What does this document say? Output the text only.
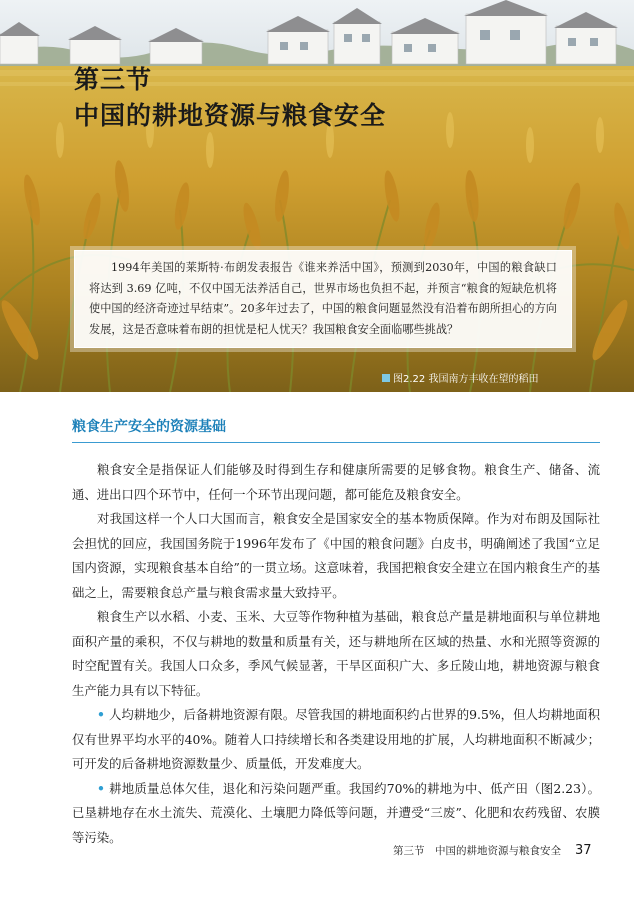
第三节
中国的耕地资源与粮食安全
1994年美国的莱斯特·布朗发表报告《谁来养活中国》，预测到2030年，中国的粮食缺口将达到 3.69 亿吨，不仅中国无法养活自己，世界市场也负担不起，并预言“粮食的短缺危机将使中国的经济奇迹过早结束”。20多年过去了，中国的粮食问题显然没有沿着布朗所担心的方向发展，这是否意味着布朗的担忧是杞人忧天？我国粮食安全面临哪些挑战？
图2.22 我国南方丰收在望的稻田
粮食生产安全的资源基础

粮食安全是指保证人们能够及时得到生存和健康所需要的足够食物。粮食生产、储备、流通、进出口四个环节中，任何一个环节出现问题，都可能危及粮食安全。

对我国这样一个人口大国而言，粮食安全是国家安全的基本物质保障。作为对布朗及国际社会担忧的回应，我国国务院于1996年发布了《中国的粮食问题》白皮书，明确阐述了我国“立足国内资源，实现粮食基本自给”的一贯立场。这意味着，我国把粮食安全建立在国内粮食生产的基础之上，需要粮食总产量与粮食需求量大致持平。

粮食生产以水稻、小麦、玉米、大豆等作物种植为基础，粮食总产量是耕地面积与单位耕地面积产量的乘积，不仅与耕地的数量和质量有关，还与耕地所在区域的热量、水和光照等资源的时空配置有关。我国人口众多，季风气候显著，干旱区面积广大、多丘陵山地，耕地资源与粮食生产能力具有以下特征。

• 人均耕地少，后备耕地资源有限。尽管我国的耕地面积约占世界的9.5%，但人均耕地面积仅有世界平均水平的40%。随着人口持续增长和各类建设用地的扩展，人均耕地面积不断减少；可开发的后备耕地资源数量少、质量低，开发难度大。

• 耕地质量总体欠佳，退化和污染问题严重。我国约70%的耕地为中、低产田（图2.23）。已垦耕地存在水土流失、荒漠化、土壤肥力降低等问题，并遭受“三废”、化肥和农药残留、农膜等污染。

第三节　中国的耕地资源与粮食安全 37
